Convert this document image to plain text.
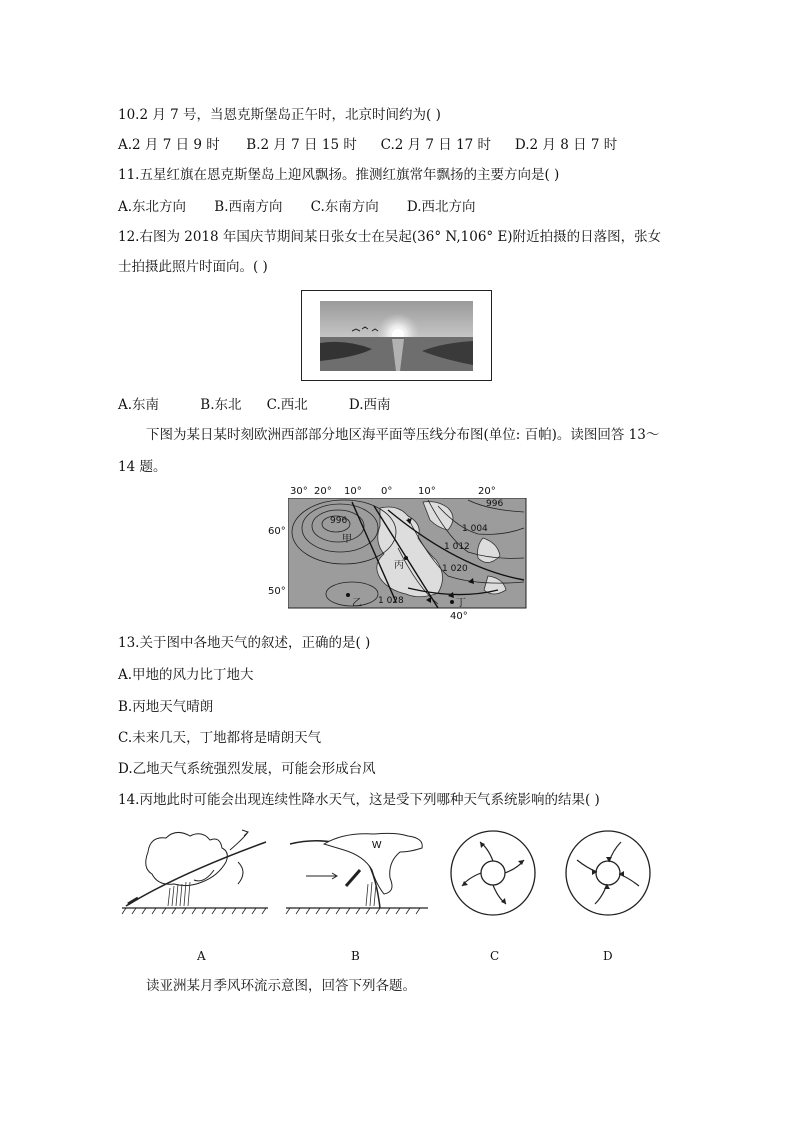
10.2 月 7 号，当恩克斯堡岛正午时，北京时间约为( )
A.2 月 7 日 9 时 B.2 月 7 日 15 时 C.2 月 7 日 17 时 D.2 月 8 日 7 时
11.五星红旗在恩克斯堡岛上迎风飘扬。推测红旗常年飘扬的主要方向是( )
A.东北方向 B.西南方向 C.东南方向 D.西北方向
12.右图为 2018 年国庆节期间某日张女士在吴起(36° N,106° E)附近拍摄的日落图，张女
士拍摄此照片时面向。( )
A.东南	B.东北 C.西北	D.西南
下图为某日某时刻欧洲西部部分地区海平面等压线分布图(单位: 百帕)。读图回答 13～
14 题。
30° 20° 10° 0°	10°	20°
60°
50°
996
996
1 004
1 012
1 020
1 028
甲
乙
丙
丁
40°
13.关于图中各地天气的叙述，正确的是( )
A.甲地的风力比丁地大
B.丙地天气晴朗
C.未来几天，丁地都将是晴朗天气
D.乙地天气系统强烈发展，可能会形成台风
14.丙地此时可能会出现连续性降水天气，这是受下列哪种天气系统影响的结果( )
W
A	B	C	D
读亚洲某月季风环流示意图，回答下列各题。
